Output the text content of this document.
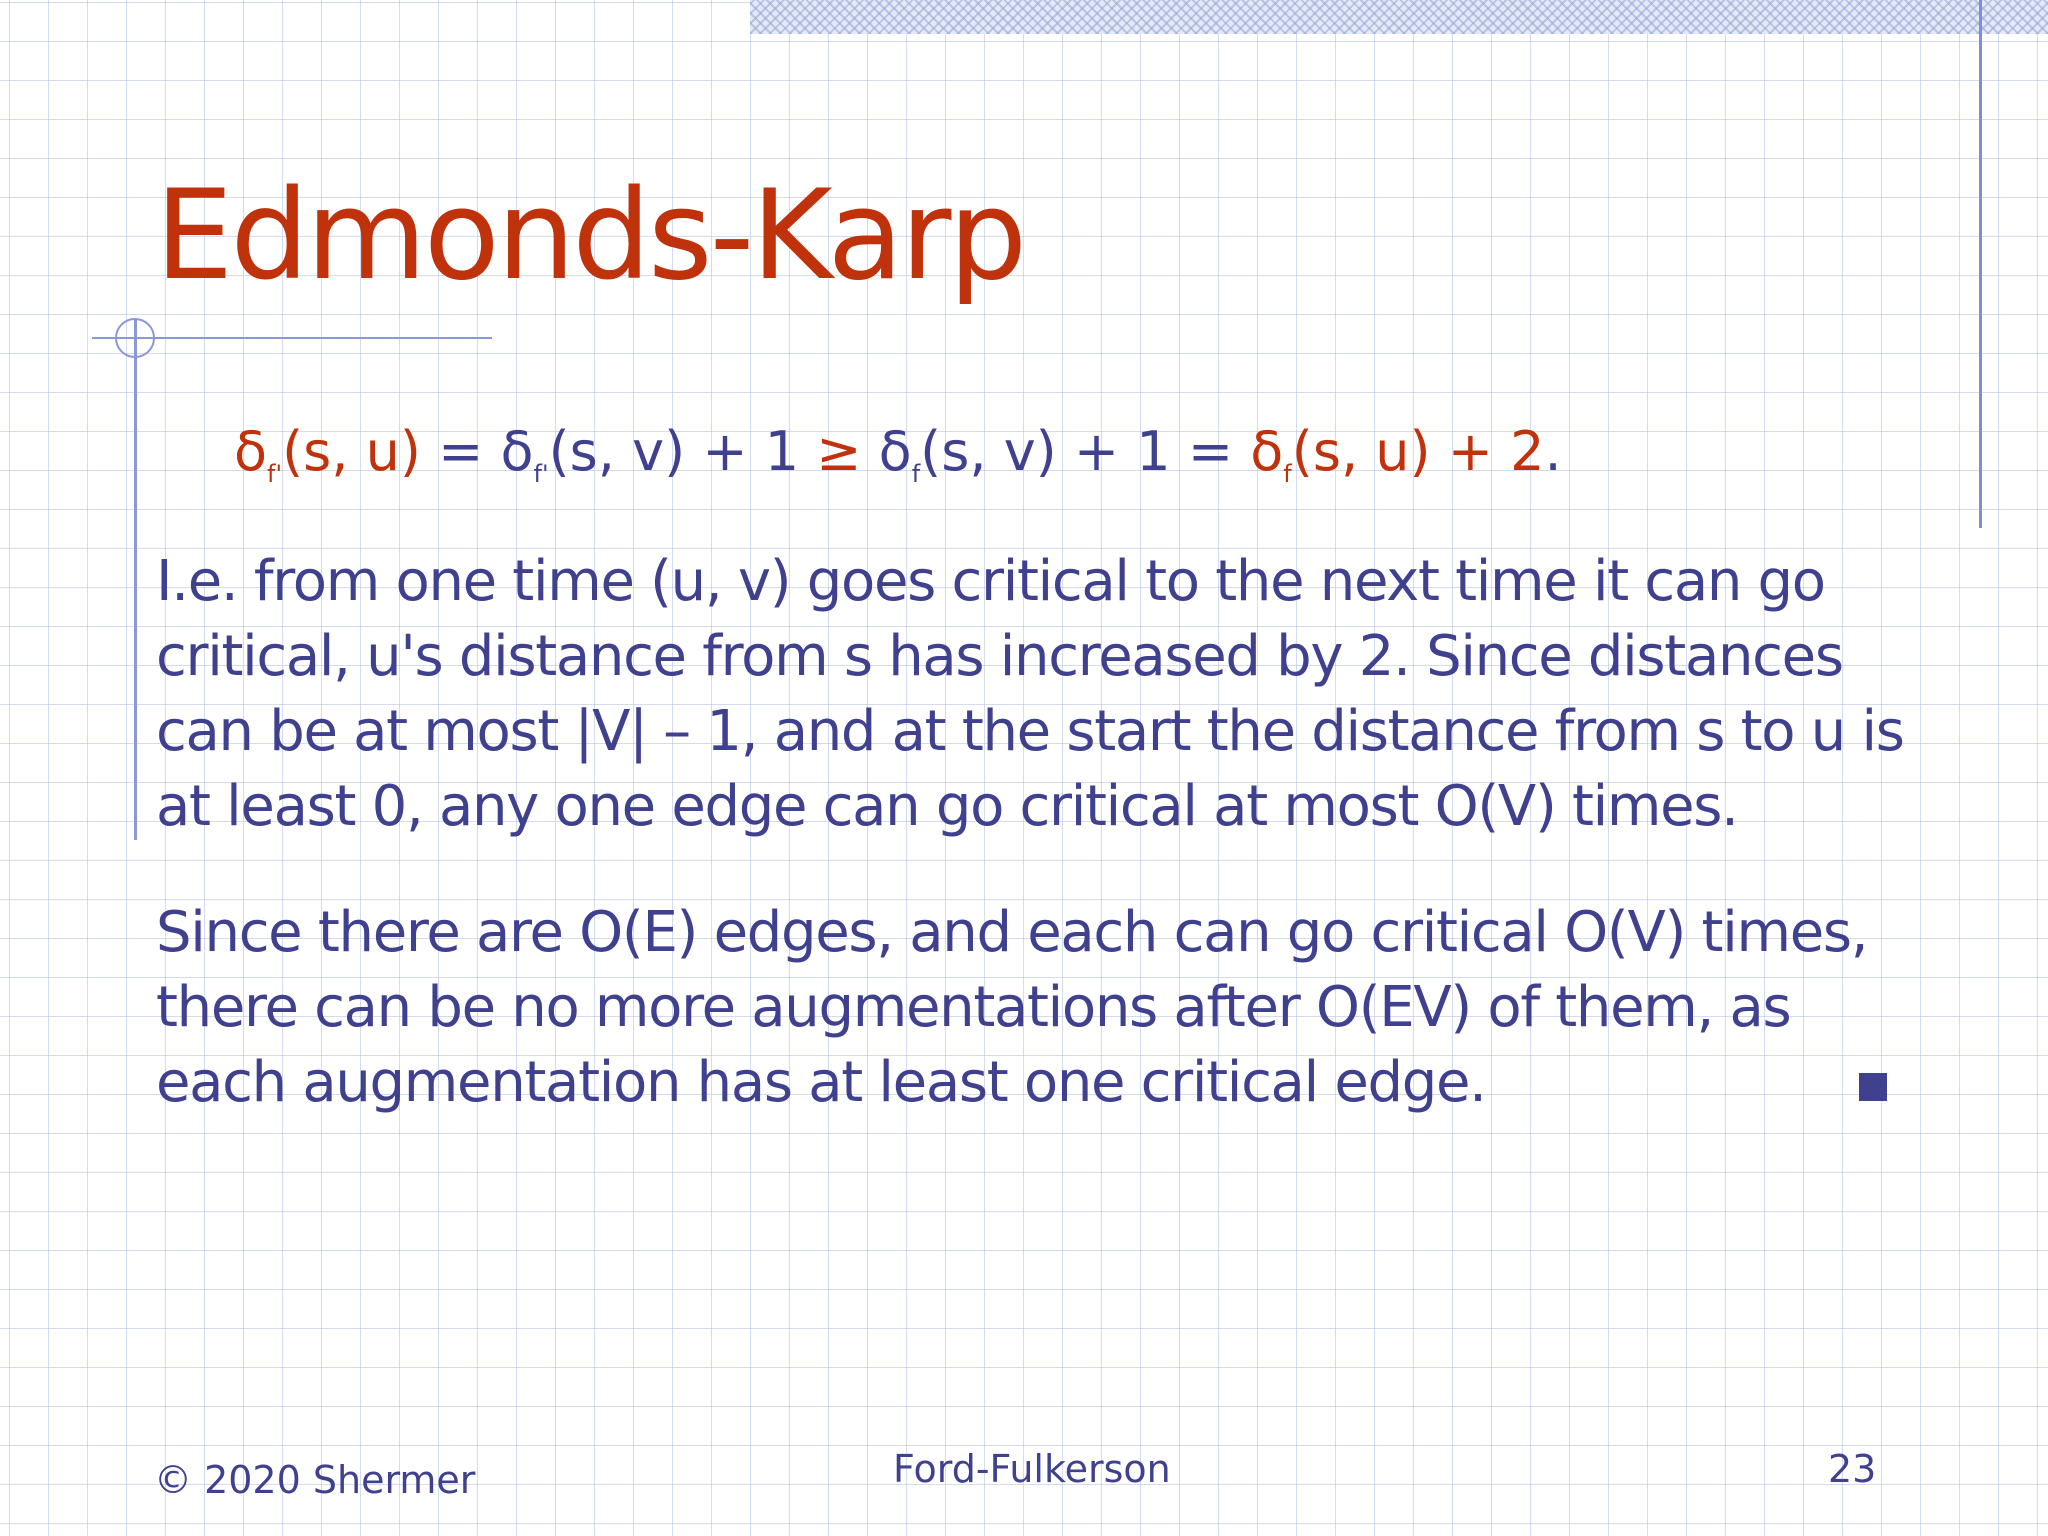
Edmonds-Karp

$\delta_{f'}(s$, $u) = \delta_{f'}(s$, $v) + 1 \ge \delta_f(s$, $v) + 1 = \delta_f(s$, u) + 2.

I.e. from one time (u, v) goes critical to the next time it can go critical, u's distance from s has increased by 2. Since distances can be at most |V| – 1, and at the start the distance from s to u is at least 0, any one edge can go critical at most O(V) times.

Since there are O(E) edges, and each can go critical O(V) times, there can be no more augmentations after O(EV) of them, as each augmentation has at least one critical edge.

© 2020 Shermer	Ford-Fulkerson	23
